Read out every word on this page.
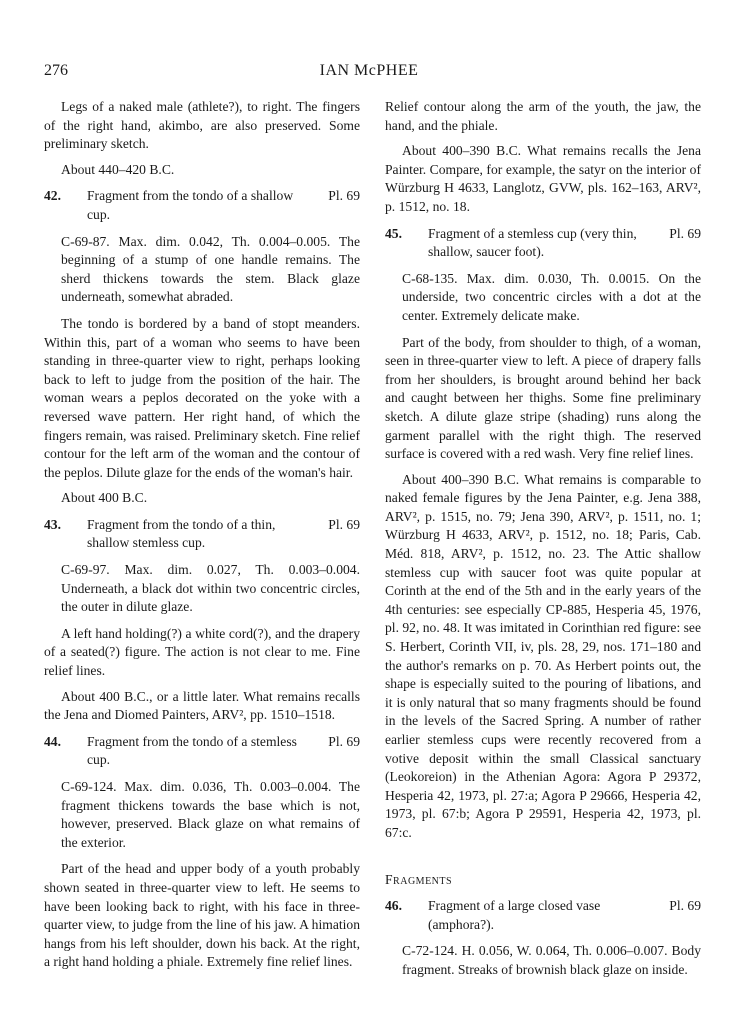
276	IAN McPHEE

Legs of a naked male (athlete?), to right. The fingers of the right hand, akimbo, are also preserved. Some preliminary sketch.

About 440–420 B.C.

42. Fragment from the tondo of a shallow cup.
Pl. 69
C-69-87. Max. dim. 0.042, Th. 0.004–0.005. The beginning of a stump of one handle remains. The sherd thickens towards the stem. Black glaze underneath, somewhat abraded.

The tondo is bordered by a band of stopt meanders. Within this, part of a woman who seems to have been standing in three-quarter view to right, perhaps looking back to left to judge from the position of the hair. The woman wears a peplos decorated on the yoke with a reversed wave pattern. Her right hand, of which the fingers remain, was raised. Preliminary sketch. Fine relief contour for the left arm of the woman and the contour of the peplos. Dilute glaze for the ends of the woman's hair.

About 400 B.C.

43. Fragment from the tondo of a thin, shallow stemless cup.
Pl. 69
C-69-97. Max. dim. 0.027, Th. 0.003–0.004. Underneath, a black dot within two concentric circles, the outer in dilute glaze.

A left hand holding(?) a white cord(?), and the drapery of a seated(?) figure. The action is not clear to me. Fine relief lines.

About 400 B.C., or a little later. What remains recalls the Jena and Diomed Painters, ARV², pp. 1510–1518.

44. Fragment from the tondo of a stemless cup.
Pl. 69
C-69-124. Max. dim. 0.036, Th. 0.003–0.004. The fragment thickens towards the base which is not, however, preserved. Black glaze on what remains of the exterior.

Part of the head and upper body of a youth probably shown seated in three-quarter view to left. He seems to have been looking back to right, with his face in three-quarter view, to judge from the line of his jaw. A himation hangs from his left shoulder, down his back. At the right, a right hand holding a phiale. Extremely fine relief lines.

Relief contour along the arm of the youth, the jaw, the hand, and the phiale.

About 400–390 B.C. What remains recalls the Jena Painter. Compare, for example, the satyr on the interior of Würzburg H 4633, Langlotz, GVW, pls. 162–163, ARV², p. 1512, no. 18.

45. Fragment of a stemless cup (very thin, shallow, saucer foot).
Pl. 69
C-68-135. Max. dim. 0.030, Th. 0.0015. On the underside, two concentric circles with a dot at the center. Extremely delicate make.

Part of the body, from shoulder to thigh, of a woman, seen in three-quarter view to left. A piece of drapery falls from her shoulders, is brought around behind her back and caught between her thighs. Some fine preliminary sketch. A dilute glaze stripe (shading) runs along the garment parallel with the right thigh. The reserved surface is covered with a red wash. Very fine relief lines.

About 400–390 B.C. What remains is comparable to naked female figures by the Jena Painter, e.g. Jena 388, ARV², p. 1515, no. 79; Jena 390, ARV², p. 1511, no. 1; Würzburg H 4633, ARV², p. 1512, no. 18; Paris, Cab. Méd. 818, ARV², p. 1512, no. 23. The Attic shallow stemless cup with saucer foot was quite popular at Corinth at the end of the 5th and in the early years of the 4th centuries: see especially CP-885, Hesperia 45, 1976, pl. 92, no. 48. It was imitated in Corinthian red figure: see S. Herbert, Corinth VII, iv, pls. 28, 29, nos. 171–180 and the author's remarks on p. 70. As Herbert points out, the shape is especially suited to the pouring of libations, and it is only natural that so many fragments should be found in the levels of the Sacred Spring. A number of rather earlier stemless cups were recently recovered from a votive deposit within the small Classical sanctuary (Leokoreion) in the Athenian Agora: Agora P 29372, Hesperia 42, 1973, pl. 27:a; Agora P 29666, Hesperia 42, 1973, pl. 67:b; Agora P 29591, Hesperia 42, 1973, pl. 67:c.

Fragments
46. Fragment of a large closed vase (amphora?).
Pl. 69
C-72-124. H. 0.056, W. 0.064, Th. 0.006–0.007. Body fragment. Streaks of brownish black glaze on inside.
